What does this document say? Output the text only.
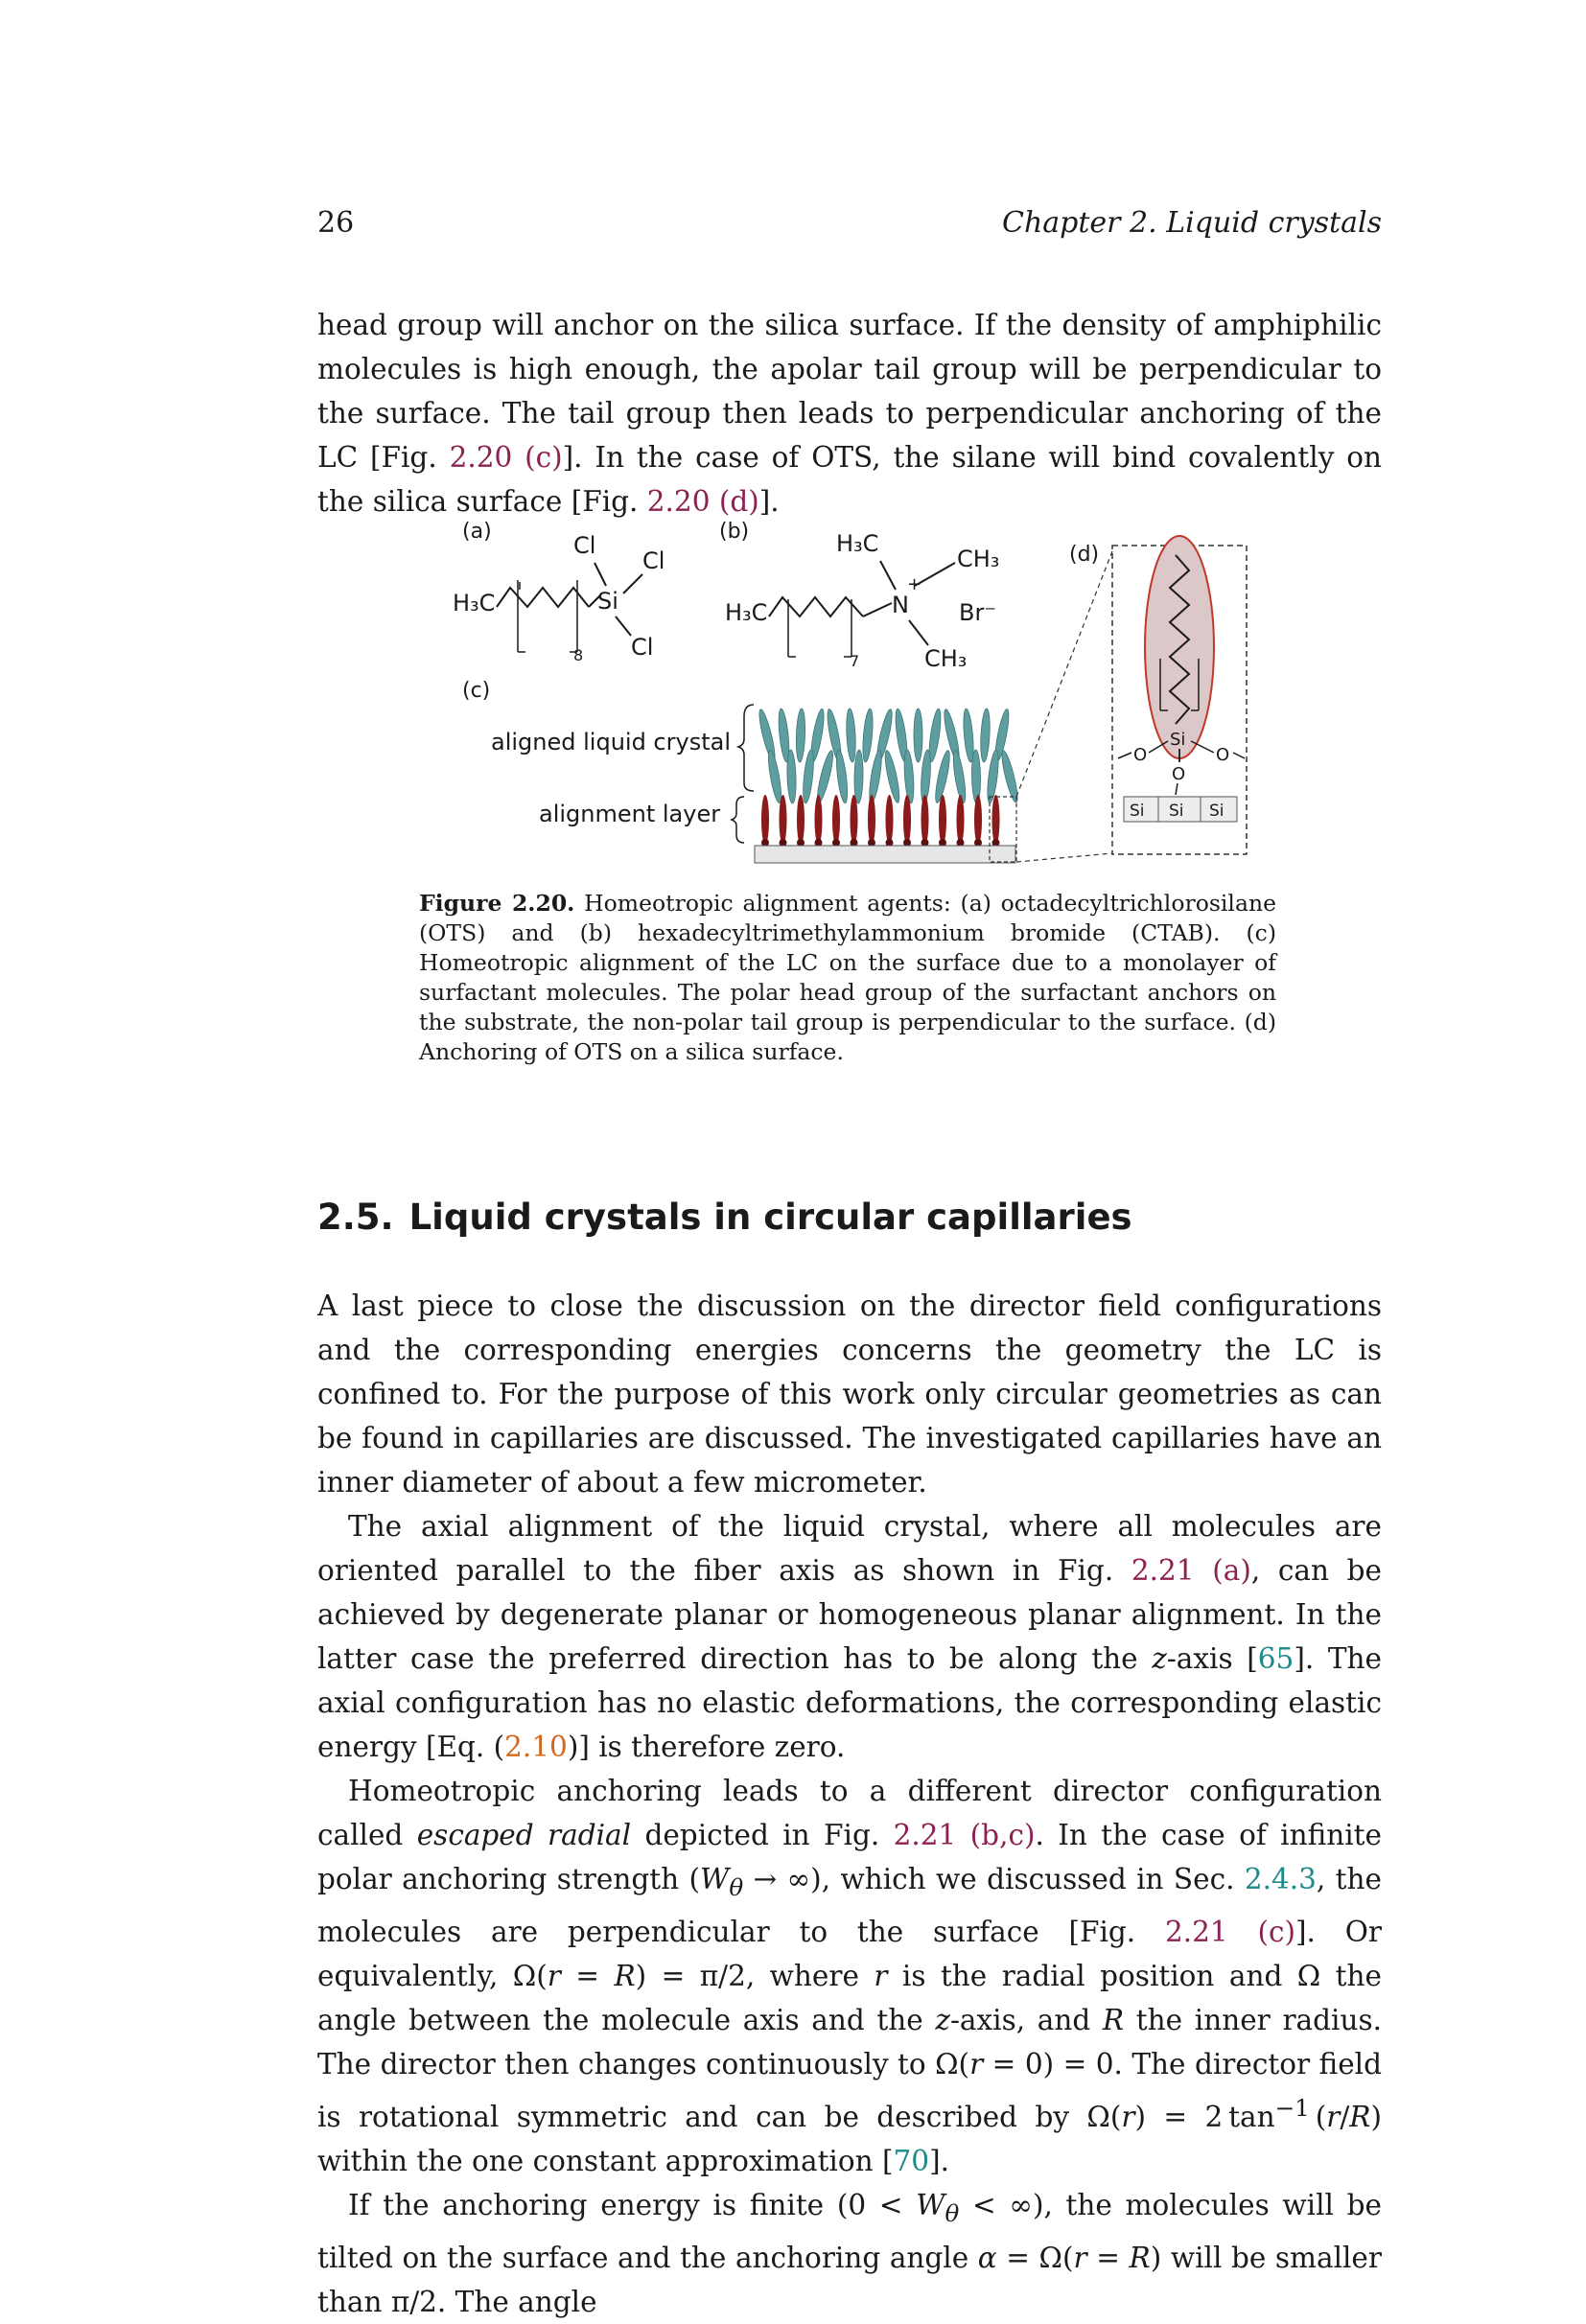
26	Chapter 2. Liquid crystals

head group will anchor on the silica surface. If the density of amphiphilic molecules is high enough, the apolar tail group will be perpendicular to the surface. The tail group then leads to perpendicular anchoring of the LC [Fig. 2.20 (c)]. In the case of OTS, the silane will bind covalently on the silica surface [Fig. 2.20 (d)].

(a)	(b)
(c)
(d)
H₃C
8
Si
Cl
Cl
Cl
H₃C
7
N
+
H₃C
CH₃
Br⁻
CH₃
aligned liquid crystal
alignment layer
Si
O
O	O
Si Si Si
Figure 2.20. Homeotropic alignment agents: (a) octadecyltrichlorosilane (OTS) and (b) hexadecyltrimethylammonium bromide (CTAB). (c) Homeotropic alignment of the LC on the surface due to a monolayer of surfactant molecules. The polar head group of the surfactant anchors on the substrate, the non-polar tail group is perpendicular to the surface. (d) Anchoring of OTS on a silica surface.
2.5. Liquid crystals in circular capillaries

A last piece to close the discussion on the director field configurations and the corresponding energies concerns the geometry the LC is confined to. For the purpose of this work only circular geometries as can be found in capillaries are discussed. The investigated capillaries have an inner diameter of about a few micrometer.

The axial alignment of the liquid crystal, where all molecules are oriented parallel to the fiber axis as shown in Fig. 2.21 (a), can be achieved by degenerate planar or homogeneous planar alignment. In the latter case the preferred direction has to be along the z-axis [65]. The axial configuration has no elastic deformations, the corresponding elastic energy [Eq. (2.10)] is therefore zero.

Homeotropic anchoring leads to a different director configuration called escaped radial depicted in Fig. 2.21 (b,c). In the case of infinite polar anchoring strength ($W_\theta$ → ∞), which we discussed in Sec. 2.4.3, the molecules are perpendicular to the surface [Fig. 2.21 (c)]. Or equivalently, Ω(r = R) = π/2, where r is the radial position and Ω the angle between the molecule axis and the z-axis, and R the inner radius. The director then changes continuously to Ω(r = 0) = 0. The director field is rotational symmetric and can be described by Ω(r) = 2 $\tan^{-1} (r/R)$ within the one constant approximation [70].

If the anchoring energy is finite ($0 < W_\theta$ < ∞), the molecules will be tilted on the surface and the anchoring angle α = Ω(r = R) will be smaller than π/2. The angle
